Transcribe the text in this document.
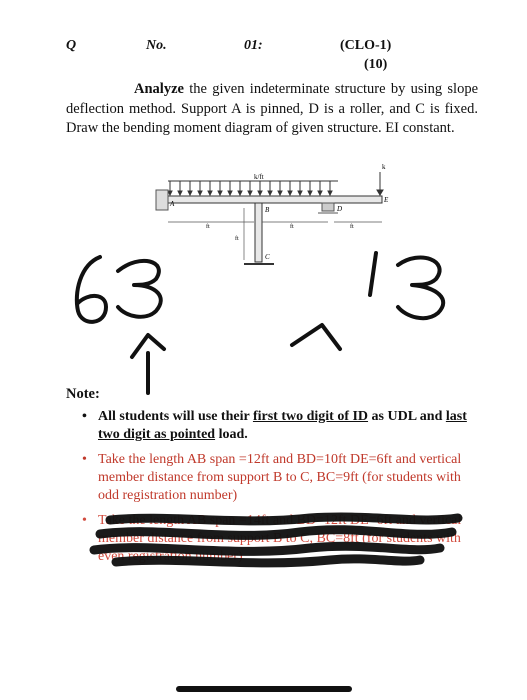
Q	No.	01:	(CLO-1)
(10)
Analyze the given indeterminate structure by using slope deflection method. Support A is pinned, D is a roller, and C is fixed. Draw the bending moment diagram of given structure. EI constant.
k/ft
A
B
C
D
k
E
ft	ft	ft
ft
Note:
• All students will use their first two digit of ID as UDL and last two digit as pointed load.
• Take the length AB span =12ft and BD=10ft DE=6ft and vertical member distance from support B to C, BC=9ft (for students with odd registration number)
• Take the length AB span =14ft and BD=12ft DE=6ft and vertical member distance from support B to C, BC=8ft (for students with even registration number)
